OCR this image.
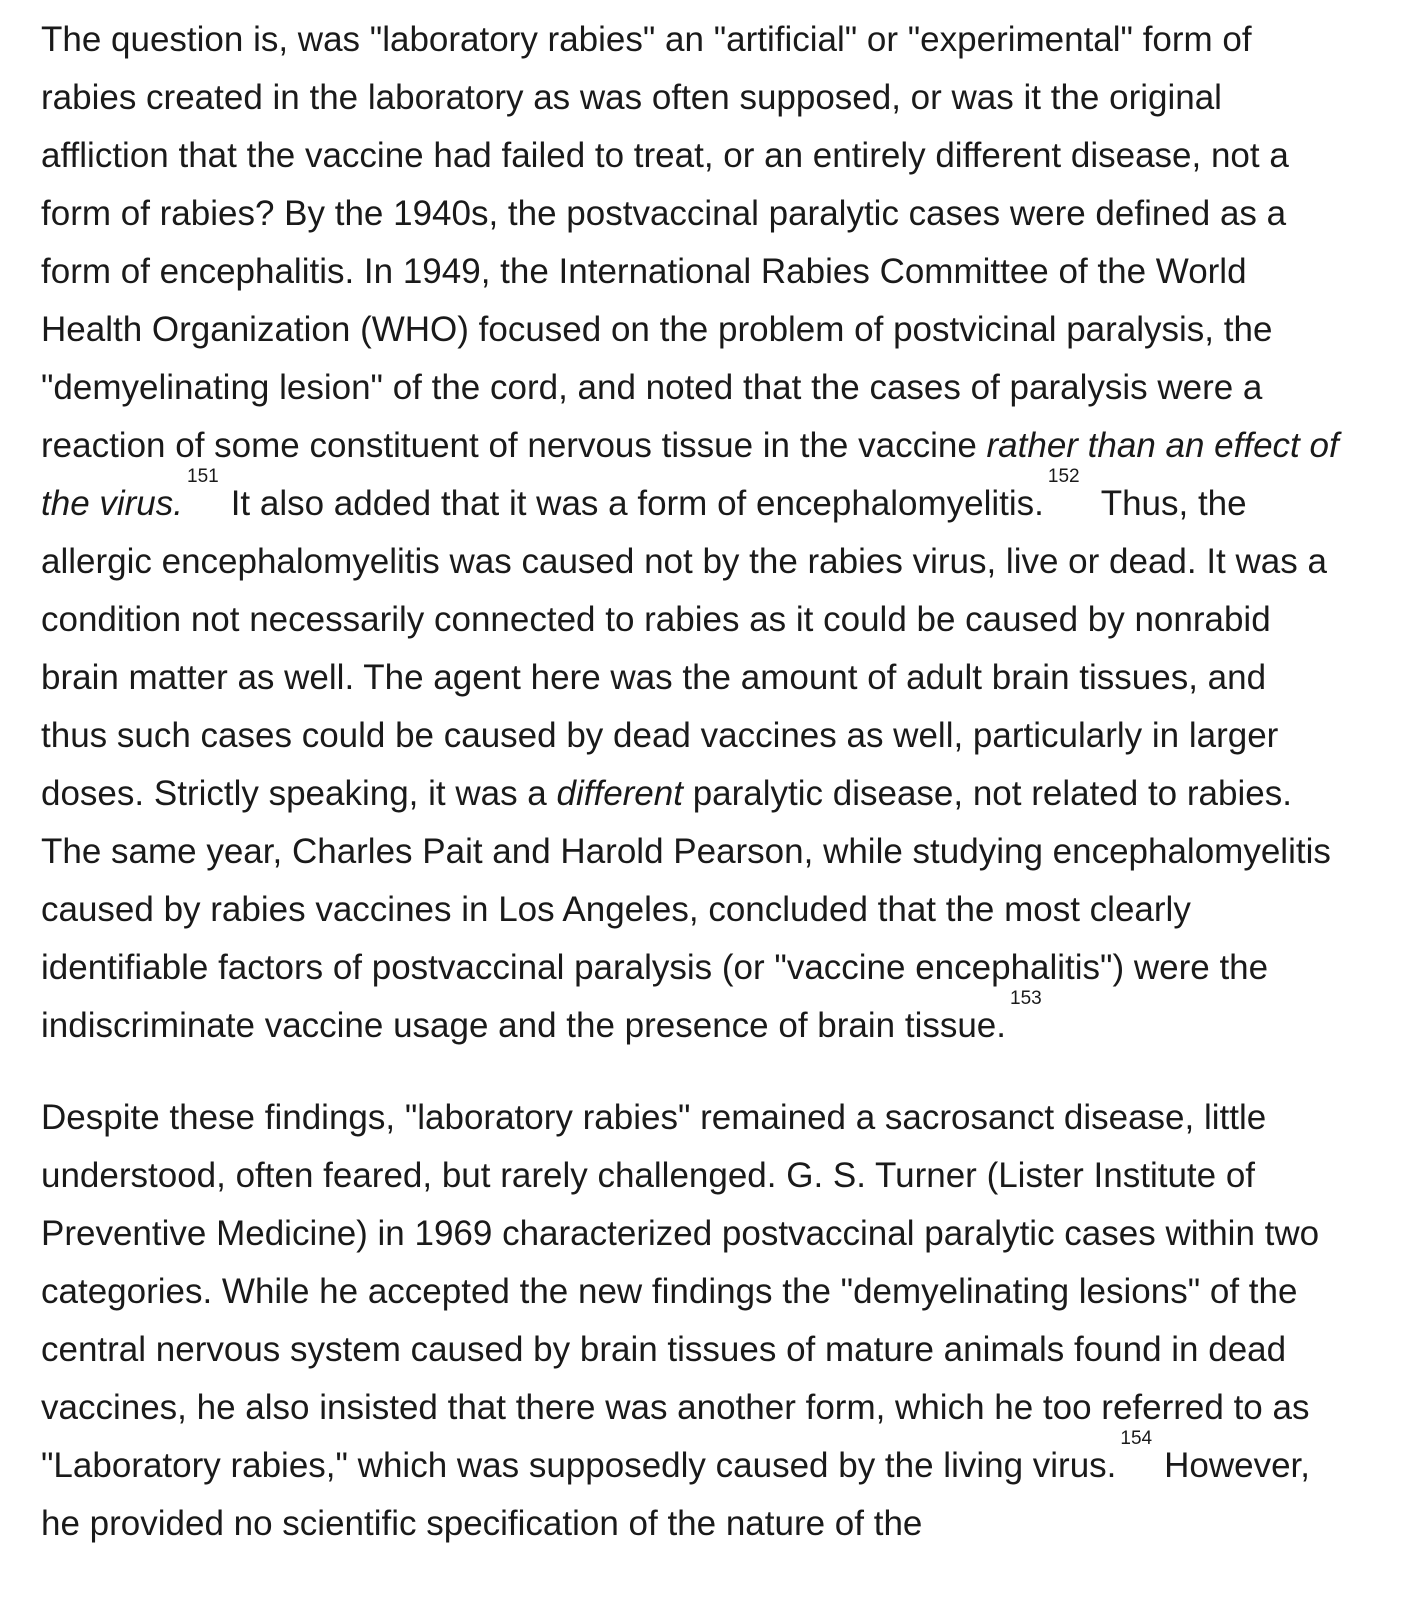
The question is, was "laboratory rabies" an "artificial" or "experimental" form of rabies created in the laboratory as was often supposed, or was it the original affliction that the vaccine had failed to treat, or an entirely different disease, not a form of rabies? By the 1940s, the postvaccinal paralytic cases were defined as a form of encephalitis. In 1949, the International Rabies Committee of the World Health Organization (WHO) focused on the problem of postvicinal paralysis, the "demyelinating lesion" of the cord, and noted that the cases of paralysis were a reaction of some constituent of nervous tissue in the vaccine rather than an effect of the virus.$^{151}$It also added that it was a form of encephalomyelitis.$^{152}$ Thus, the allergic encephalomyelitis was caused not by the rabies virus, live or dead. It was a condition not necessarily connected to rabies as it could be caused by nonrabid brain matter as well. The agent here was the amount of adult brain tissues, and thus such cases could be caused by dead vaccines as well, particularly in larger doses. Strictly speaking, it was a different paralytic disease, not related to rabies. The same year, Charles Pait and Harold Pearson, while studying encephalomyelitis caused by rabies vaccines in Los Angeles, concluded that the most clearly identifiable factors of postvaccinal paralysis (or "vaccine encephalitis") were the indiscriminate vaccine usage and the presence of brain tissue.$^{153}$

Despite these findings, "laboratory rabies" remained a sacrosanct disease, little understood, often feared, but rarely challenged. G. S. Turner (Lister Institute of Preventive Medicine) in 1969 characterized postvaccinal paralytic cases within two categories. While he accepted the new findings the "demyelinating lesions" of the central nervous system caused by brain tissues of mature animals found in dead vaccines, he also insisted that there was another form, which he too referred to as "Laboratory rabies," which was supposedly caused by the living virus.$^{154}$However, he provided no scientific specification of the nature of the
